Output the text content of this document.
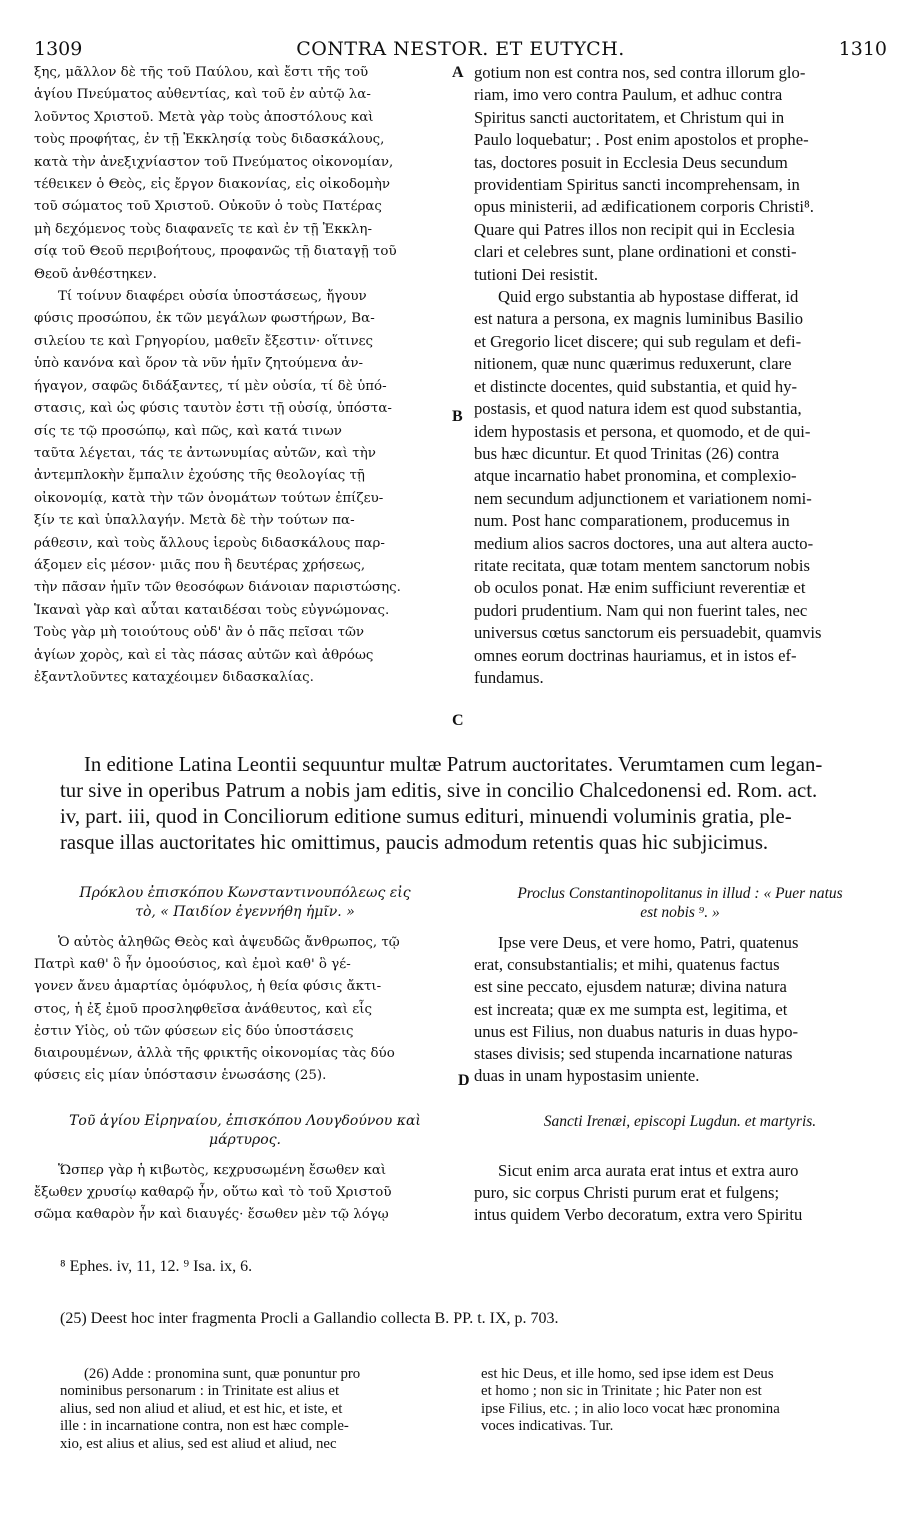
1309	CONTRA NESTOR. ET EUTYCH.	1310
ξης, μᾶλλον δὲ τῆς τοῦ Παύλου, καὶ ἔστι τῆς τοῦ
ἁγίου Πνεύματος αὐθεντίας, καὶ τοῦ ἐν αὐτῷ λα-
λοῦντος Χριστοῦ. Μετὰ γὰρ τοὺς ἀποστόλους καὶ
τοὺς προφήτας, ἐν τῇ Ἐκκλησίᾳ τοὺς διδασκάλους,
κατὰ τὴν ἀνεξιχνίαστον τοῦ Πνεύματος οἰκονομίαν,
τέθεικεν ὁ Θεὸς, εἰς ἔργον διακονίας, εἰς οἰκοδομὴν
τοῦ σώματος τοῦ Χριστοῦ. Οὐκοῦν ὁ τοὺς Πατέρας
μὴ δεχόμενος τοὺς διαφανεῖς τε καὶ ἐν τῇ Ἐκκλη-
σίᾳ τοῦ Θεοῦ περιβοήτους, προφανῶς τῇ διαταγῇ τοῦ
Θεοῦ ἀνθέστηκεν.
Τί τοίνυν διαφέρει οὐσία ὑποστάσεως, ἤγουν
φύσις προσώπου, ἐκ τῶν μεγάλων φωστήρων, Βα-
σιλείου τε καὶ Γρηγορίου, μαθεῖν ἔξεστιν· οἵτινες
ὑπὸ κανόνα καὶ ὅρον τὰ νῦν ἡμῖν ζητούμενα ἀν-
ήγαγον, σαφῶς διδάξαντες, τί μὲν οὐσία, τί δὲ ὑπό-
στασις, καὶ ὡς φύσις ταυτὸν ἐστι τῇ οὐσίᾳ, ὑπόστα-
σίς τε τῷ προσώπῳ, καὶ πῶς, καὶ κατά τινων
ταῦτα λέγεται, τάς τε ἀντωνυμίας αὐτῶν, καὶ τὴν
ἀντεμπλοκὴν ἔμπαλιν ἐχούσης τῆς θεολογίας τῇ
οἰκονομίᾳ, κατὰ τὴν τῶν ὀνομάτων τούτων ἐπίζευ-
ξίν τε καὶ ὑπαλλαγήν. Μετὰ δὲ τὴν τούτων πα-
ράθεσιν, καὶ τοὺς ἄλλους ἱεροὺς διδασκάλους παρ-
άξομεν εἰς μέσον· μιᾶς που ἢ δευτέρας χρήσεως,
τὴν πᾶσαν ἡμῖν τῶν θεοσόφων διάνοιαν παριστώσης.
Ἱκαναὶ γὰρ καὶ αὗται καταιδέσαι τοὺς εὐγνώμονας.
Τοὺς γὰρ μὴ τοιούτους οὐδ' ἂν ὁ πᾶς πεῖσαι τῶν
ἁγίων χορὸς, καὶ εἰ τὰς πάσας αὐτῶν καὶ ἀθρόως
ἐξαντλοῦντες καταχέοιμεν διδασκαλίας.
gotium non est contra nos, sed contra illorum glo-
riam, imo vero contra Paulum, et adhuc contra
Spiritus sancti auctoritatem, et Christum qui in
Paulo loquebatur; . Post enim apostolos et prophe-
tas, doctores posuit in Ecclesia Deus secundum
providentiam Spiritus sancti incomprehensam, in
opus ministerii, ad ædificationem corporis Christi⁸.
Quare qui Patres illos non recipit qui in Ecclesia
clari et celebres sunt, plane ordinationi et consti-
tutioni Dei resistit.
Quid ergo substantia ab hypostase differat, id
est natura a persona, ex magnis luminibus Basilio
et Gregorio licet discere; qui sub regulam et defi-
nitionem, quæ nunc quærimus reduxerunt, clare
et distincte docentes, quid substantia, et quid hy-
postasis, et quod natura idem est quod substantia,
idem hypostasis et persona, et quomodo, et de qui-
bus hæc dicuntur. Et quod Trinitas (26) contra
atque incarnatio habet pronomina, et complexio-
nem secundum adjunctionem et variationem nomi-
num. Post hanc comparationem, producemus in
medium alios sacros doctores, una aut altera aucto-
ritate recitata, quæ totam mentem sanctorum nobis
ob oculos ponat. Hæ enim sufficiunt reverentiæ et
pudori prudentium. Nam qui non fuerint tales, nec
universus cœtus sanctorum eis persuadebit, quamvis
omnes eorum doctrinas hauriamus, et in istos ef-
fundamus.
A
B
C
D
In editione Latina Leontii sequuntur multæ Patrum auctoritates. Verumtamen cum legan-
tur sive in operibus Patrum a nobis jam editis, sive in concilio Chalcedonensi ed. Rom. act.
iv, part. iii, quod in Conciliorum editione sumus edituri, minuendi voluminis gratia, ple-
rasque illas auctoritates hic omittimus, paucis admodum retentis quas hic subjicimus.
Πρόκλου ἐπισκόπου Κωνσταντινουπόλεως εἰς
τὸ, « Παιδίον ἐγεννήθη ἡμῖν. »
Proclus Constantinopolitanus in illud : « Puer natus
est nobis ⁹. »
Ὁ αὐτὸς ἀληθῶς Θεὸς καὶ ἀψευδῶς ἄνθρωπος, τῷ
Πατρὶ καθ' ὃ ἦν ὁμοούσιος, καὶ ἐμοὶ καθ' ὃ γέ-
γονεν ἄνευ ἁμαρτίας ὁμόφυλος, ἡ θεία φύσις ἄκτι-
στος, ἡ ἐξ ἐμοῦ προσληφθεῖσα ἀνάθευτος, καὶ εἷς
ἐστιν Υἱὸς, οὐ τῶν φύσεων εἰς δύο ὑποστάσεις
διαιρουμένων, ἀλλὰ τῆς φρικτῆς οἰκονομίας τὰς δύο
φύσεις εἰς μίαν ὑπόστασιν ἑνωσάσης (25).
Ipse vere Deus, et vere homo, Patri, quatenus
erat, consubstantialis; et mihi, quatenus factus
est sine peccato, ejusdem naturæ; divina natura
est increata; quæ ex me sumpta est, legitima, et
unus est Filius, non duabus naturis in duas hypo-
stases divisis; sed stupenda incarnatione naturas
duas in unam hypostasim uniente.
Τοῦ ἁγίου Εἰρηναίου, ἐπισκόπου Λουγδούνου καὶ
μάρτυρος.
Sancti Irenæi, episcopi Lugdun. et martyris.
Ὥσπερ γὰρ ἡ κιβωτὸς, κεχρυσωμένη ἔσωθεν καὶ
ἔξωθεν χρυσίῳ καθαρῷ ἦν, οὕτω καὶ τὸ τοῦ Χριστοῦ
σῶμα καθαρὸν ἦν καὶ διαυγές· ἔσωθεν μὲν τῷ λόγῳ
Sicut enim arca aurata erat intus et extra auro
puro, sic corpus Christi purum erat et fulgens;
intus quidem Verbo decoratum, extra vero Spiritu
⁸ Ephes. iv, 11, 12. ⁹ Isa. ix, 6.
(25) Deest hoc inter fragmenta Procli a Gallandio collecta B. PP. t. IX, p. 703.
(26) Adde : pronomina sunt, quæ ponuntur pro
nominibus personarum : in Trinitate est alius et
alius, sed non aliud et aliud, et est hic, et iste, et
ille : in incarnatione contra, non est hæc comple-
xio, est alius et alius, sed est aliud et aliud, nec
est hic Deus, et ille homo, sed ipse idem est Deus
et homo ; non sic in Trinitate ; hic Pater non est
ipse Filius, etc. ; in alio loco vocat hæc pronomina
voces indicativas. Tur.
